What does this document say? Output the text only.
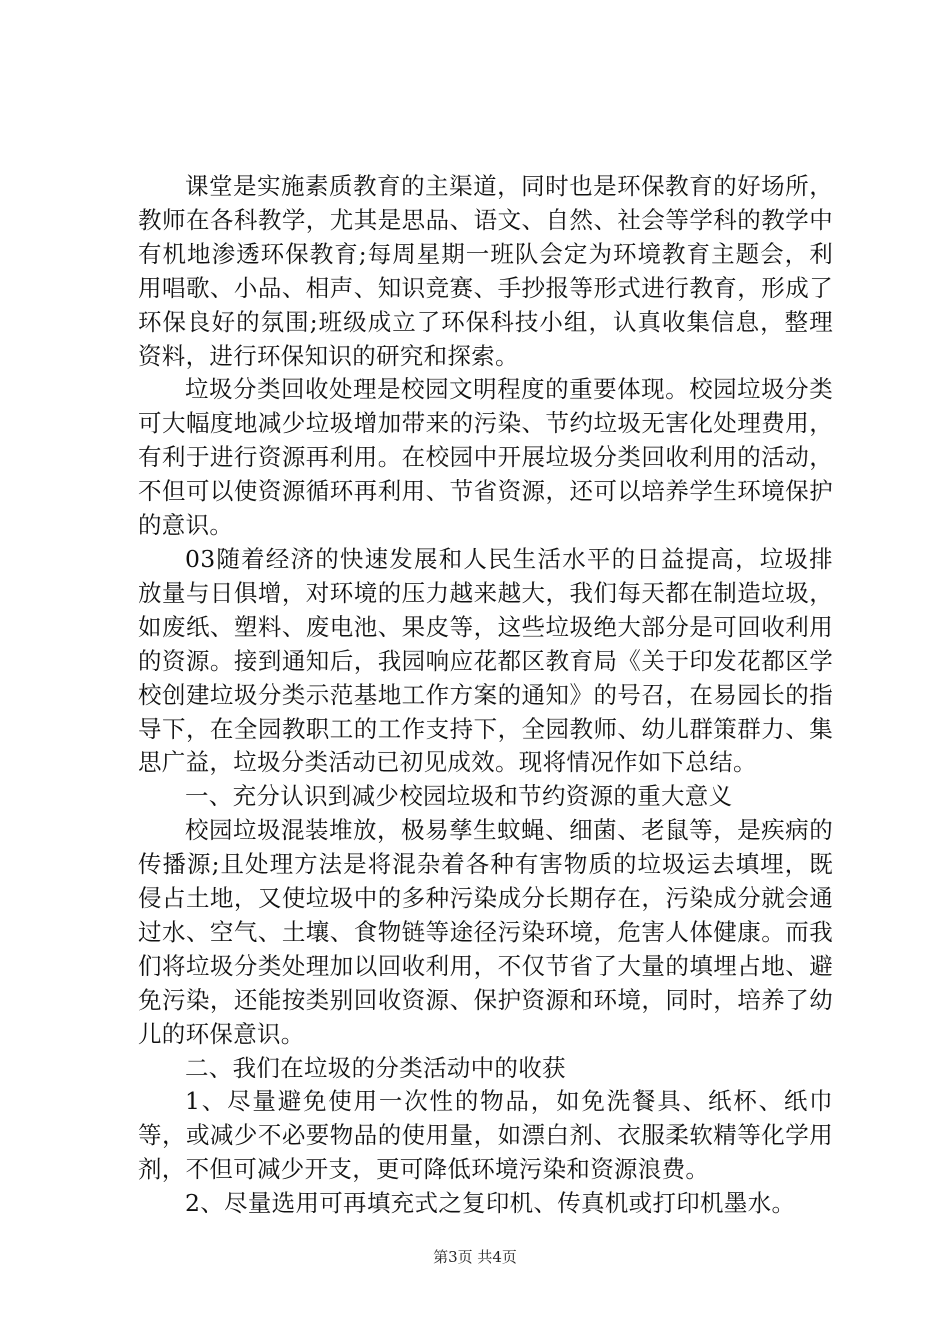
课堂是实施素质教育的主渠道，同时也是环保教育的好场所，教师在各科教学，尤其是思品、语文、自然、社会等学科的教学中有机地渗透环保教育;每周星期一班队会定为环境教育主题会，利用唱歌、小品、相声、知识竞赛、手抄报等形式进行教育，形成了环保良好的氛围;班级成立了环保科技小组，认真收集信息，整理资料，进行环保知识的研究和探索。

垃圾分类回收处理是校园文明程度的重要体现。校园垃圾分类可大幅度地减少垃圾增加带来的污染、节约垃圾无害化处理费用，有利于进行资源再利用。在校园中开展垃圾分类回收利用的活动，不但可以使资源循环再利用、节省资源，还可以培养学生环境保护的意识。

03随着经济的快速发展和人民生活水平的日益提高，垃圾排放量与日俱增，对环境的压力越来越大，我们每天都在制造垃圾，如废纸、塑料、废电池、果皮等，这些垃圾绝大部分是可回收利用的资源。接到通知后，我园响应花都区教育局《关于印发花都区学校创建垃圾分类示范基地工作方案的通知》的号召，在易园长的指导下，在全园教职工的工作支持下，全园教师、幼儿群策群力、集思广益，垃圾分类活动已初见成效。现将情况作如下总结。

一、充分认识到减少校园垃圾和节约资源的重大意义

校园垃圾混装堆放，极易孳生蚊蝇、细菌、老鼠等，是疾病的传播源;且处理方法是将混杂着各种有害物质的垃圾运去填埋，既侵占土地，又使垃圾中的多种污染成分长期存在，污染成分就会通过水、空气、土壤、食物链等途径污染环境，危害人体健康。而我们将垃圾分类处理加以回收利用，不仅节省了大量的填埋占地、避免污染，还能按类别回收资源、保护资源和环境，同时，培养了幼儿的环保意识。

二、我们在垃圾的分类活动中的收获

1、尽量避免使用一次性的物品，如免洗餐具、纸杯、纸巾等，或减少不必要物品的使用量，如漂白剂、衣服柔软精等化学用剂，不但可减少开支，更可降低环境污染和资源浪费。

2、尽量选用可再填充式之复印机、传真机或打印机墨水。

第3页 共4页
